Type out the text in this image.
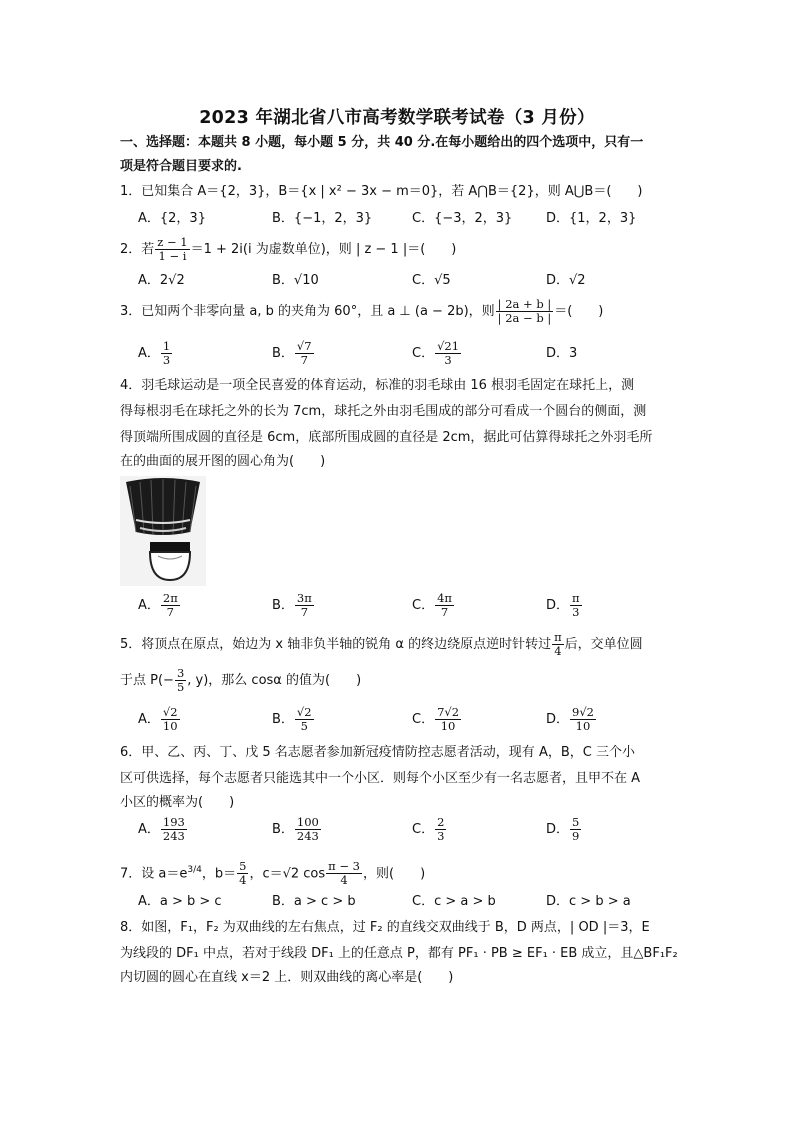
2023 年湖北省八市高考数学联考试卷（3 月份）
一、选择题：本题共 8 小题，每小题 5 分，共 40 分.在每小题给出的四个选项中，只有一
项是符合题目要求的.
1．已知集合 A＝{2，3}，B＝{x | x² − 3x − m＝0}，若 A⋂B＝{2}，则 A⋃B＝(　　)
A．{2，3}	B．{−1，2，3}	C．{−3，2，3}	D．{1，2，3}
2．若 $\frac{z - 1}{1 - i} =1 + 2i(i$ 为虚数单位)，则 | z − 1 |＝(　　)
A．2√2	B．√10	C．√5	D．√2
3．已知两个非零向量 a, b 的夹角为 60°，且 a ⊥ (a − 2b)，则 $\frac{| 2a + b |}{| 2a - b |}$ ＝(　　)
A． $\frac{1}{3}$	B． $\frac{√7}{7}$	C． $\frac{√21}{3}$	D．3
4．羽毛球运动是一项全民喜爱的体育运动，标准的羽毛球由 16 根羽毛固定在球托上，测
得每根羽毛在球托之外的长为 7cm，球托之外由羽毛围成的部分可看成一个圆台的侧面，测
得顶端所围成圆的直径是 6cm，底部所围成圆的直径是 2cm，据此可估算得球托之外羽毛所
在的曲面的展开图的圆心角为(　　)
A． $\frac{2\pi}{7}$	B． $\frac{3\pi}{7}$	C． $\frac{4\pi}{7}$	D． $\frac{\pi}{3}$
5．将顶点在原点，始边为 x 轴非负半轴的锐角 α 的终边绕原点逆时针转过 $\frac{\pi}{4}$ 后，交单位圆
于点 $P(- \frac{3}{5}$ , y)，那么 cosα 的值为(　　)
A． $\frac{√2}{10}$	B． $\frac{√2}{5}$	C． $\frac{7√2}{10}$	D． $\frac{9√2}{10}$
6．甲、乙、丙、丁、戊 5 名志愿者参加新冠疫情防控志愿者活动，现有 A，B，C 三个小
区可供选择，每个志愿者只能选其中一个小区．则每个小区至少有一名志愿者，且甲不在 A
小区的概率为(　　)
A． $\frac{193}{243}$	B． $\frac{100}{243}$	C． $\frac{2}{3}$	D． $\frac{5}{9}$
7．设 $a=e^{3/4}$，$b= \frac{5}{4}$ ，c＝√2 $\cos \frac{\pi - 3}{4}$ ，则(　　)
A．a > b > c	B．a > c > b	C．c > a > b	D．c > b > a
8．如图，F₁，F₂ 为双曲线的左右焦点，过 F₂ 的直线交双曲线于 B，D 两点，| OD |＝3，E
为线段的 DF₁ 中点，若对于线段 DF₁ 上的任意点 P，都有 PF₁ · PB ≥ EF₁ · EB 成立，且△BF₁F₂
内切圆的圆心在直线 x＝2 上．则双曲线的离心率是(　　)
